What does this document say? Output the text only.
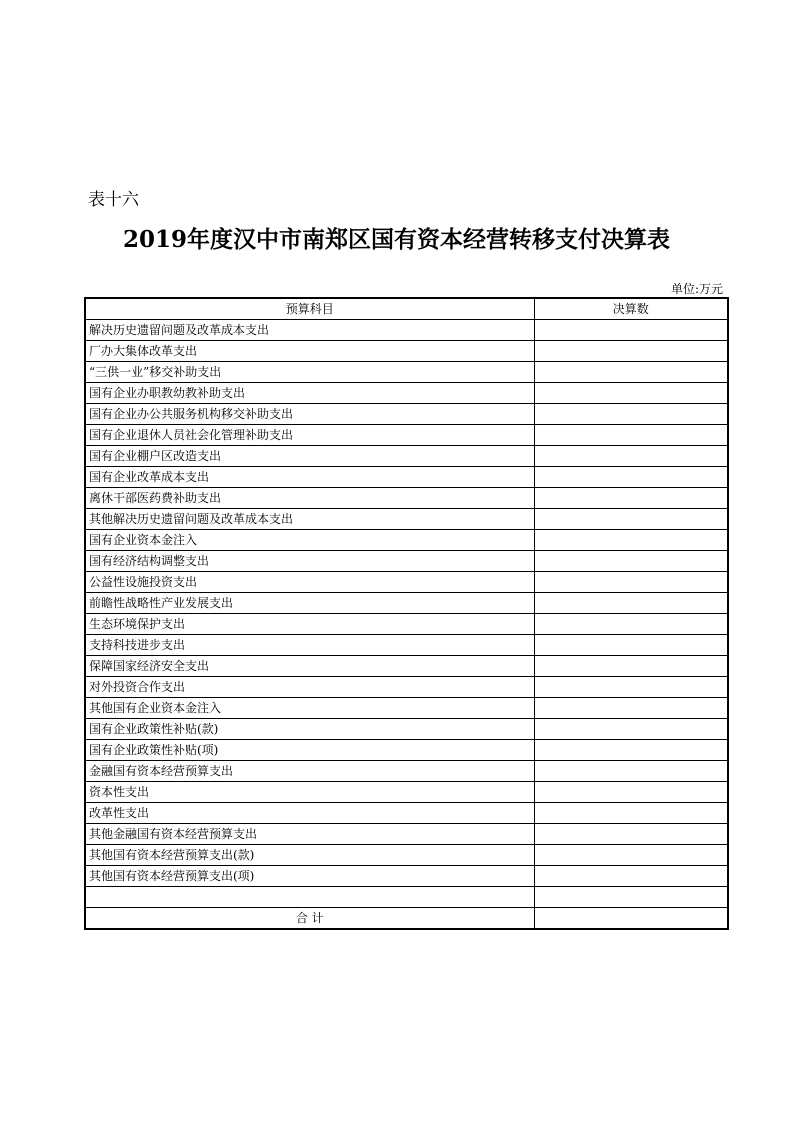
表十六

2019年度汉中市南郑区国有资本经营转移支付决算表

单位:万元

预算科目	决算数
解决历史遗留问题及改革成本支出	
厂办大集体改革支出	
“三供一业”移交补助支出	
国有企业办职教幼教补助支出	
国有企业办公共服务机构移交补助支出	
国有企业退休人员社会化管理补助支出	
国有企业棚户区改造支出	
国有企业改革成本支出	
离休干部医药费补助支出	
其他解决历史遗留问题及改革成本支出	
国有企业资本金注入	
国有经济结构调整支出	
公益性设施投资支出	
前瞻性战略性产业发展支出	
生态环境保护支出	
支持科技进步支出	
保障国家经济安全支出	
对外投资合作支出	
其他国有企业资本金注入	
国有企业政策性补贴(款)	
国有企业政策性补贴(项)	
金融国有资本经营预算支出	
资本性支出	
改革性支出	
其他金融国有资本经营预算支出	
其他国有资本经营预算支出(款)	
其他国有资本经营预算支出(项)	

合 计	
